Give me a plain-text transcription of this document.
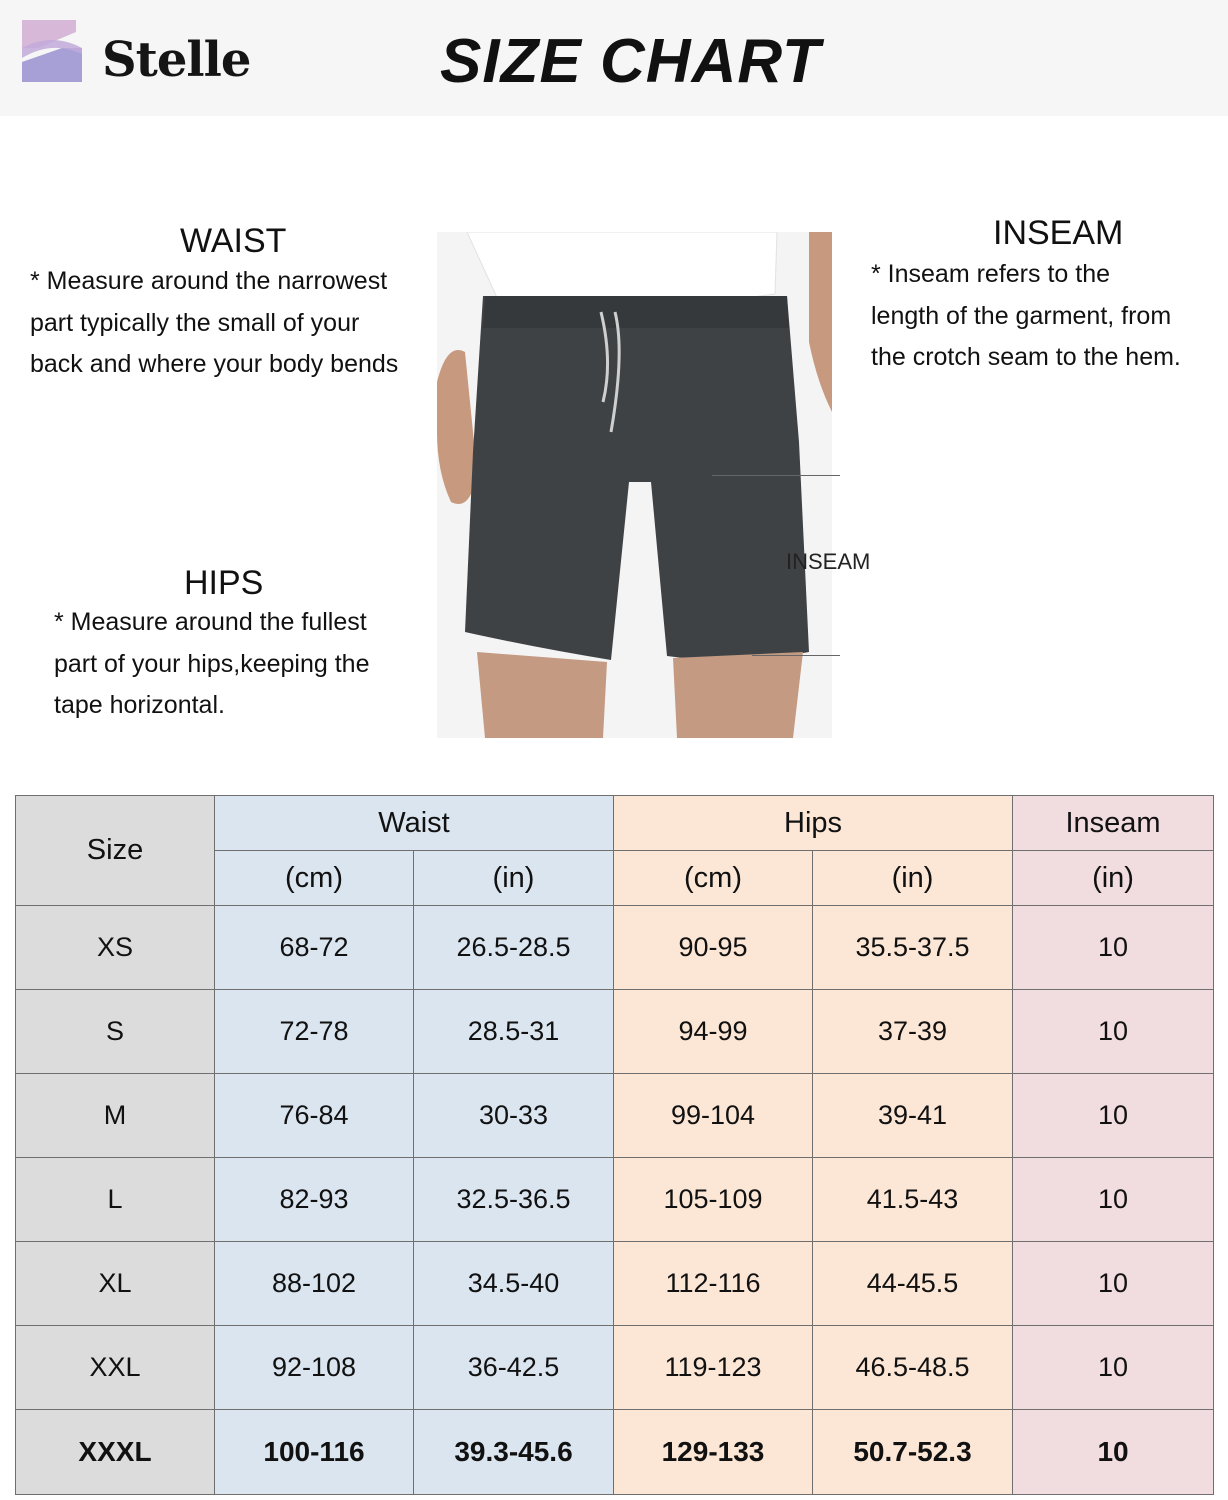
Stelle	SIZE CHART
WAIST
* Measure around the narrowest
part typically the small of your
back and where your body bends
HIPS
* Measure around the fullest
part of your hips,keeping the
tape horizontal.
INSEAM
* Inseam refers to the
length of the garment, from
the crotch seam to the hem.
INSEAM
Size	Waist		Hips		Inseam
	(cm)	(in)	(cm)	(in)	(in)
XS	68-72	26.5-28.5	90-95	35.5-37.5	10
S	72-78	28.5-31	94-99	37-39	10
M	76-84	30-33	99-104	39-41	10
L	82-93	32.5-36.5	105-109	41.5-43	10
XL	88-102	34.5-40	112-116	44-45.5	10
XXL	92-108	36-42.5	119-123	46.5-48.5	10
XXXL	100-116	39.3-45.6	129-133	50.7-52.3	10
